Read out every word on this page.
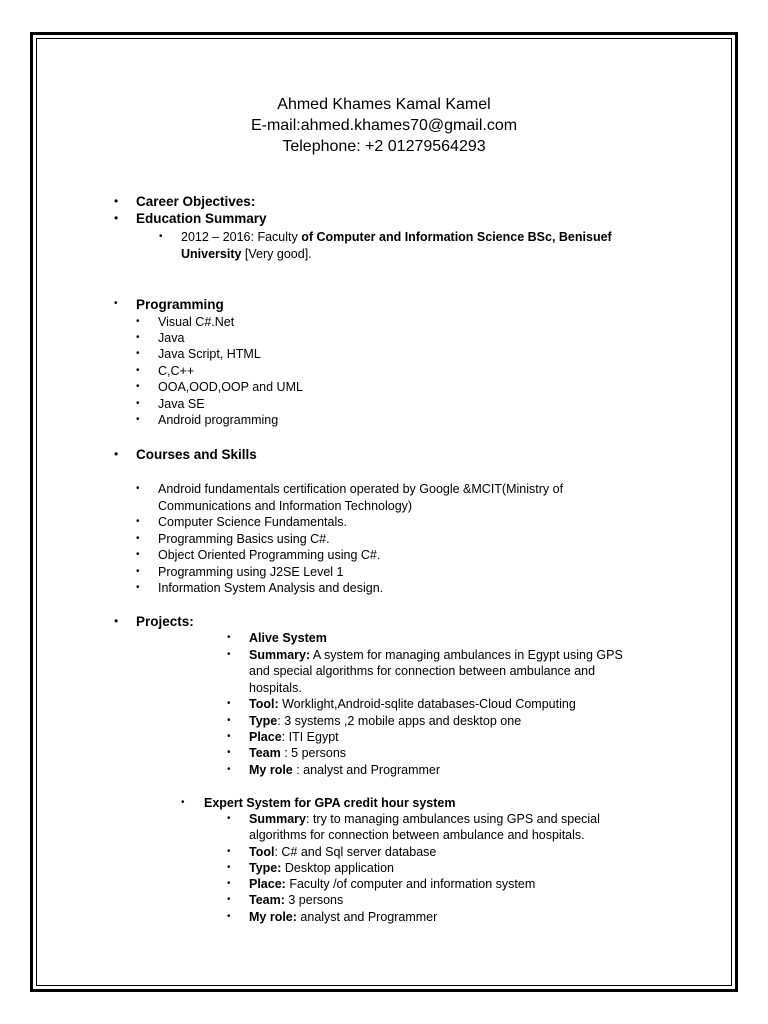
Ahmed Khames Kamal Kamel
E-mail:ahmed.khames70@gmail.com
Telephone: +2 01279564293
• Career Objectives:
• Education Summary
• 2012 – 2016: Faculty of Computer and Information Science BSc, Benisuef
University [Very good].
• Programming
• Visual C#.Net
• Java
• Java Script, HTML
• C,C++
• OOA,OOD,OOP and UML
• Java SE
• Android programming
• Courses and Skills
• Android fundamentals certification operated by Google &MCIT(Ministry of
Communications and Information Technology)
• Computer Science Fundamentals.
• Programming Basics using C#.
• Object Oriented Programming using C#.
• Programming using J2SE Level 1
• Information System Analysis and design.
• Projects:
• Alive System
• Summary: A system for managing ambulances in Egypt using GPS
and special algorithms for connection between ambulance and
hospitals.
• Tool: Worklight,Android-sqlite databases-Cloud Computing
• Type: 3 systems ,2 mobile apps and desktop one
• Place: ITI Egypt
• Team : 5 persons
• My role : analyst and Programmer
• Expert System for GPA credit hour system
• Summary: try to managing ambulances using GPS and special
algorithms for connection between ambulance and hospitals.
• Tool: C# and Sql server database
• Type: Desktop application
• Place: Faculty /of computer and information system
• Team: 3 persons
• My role: analyst and Programmer
